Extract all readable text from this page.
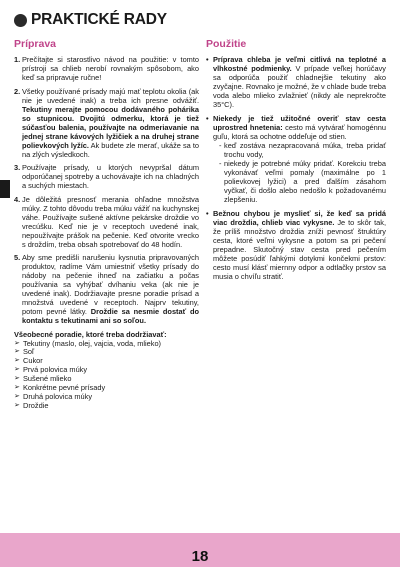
PRAKTICKÉ RADY
Príprava
1. Prečítajte si starostlivo návod na použitie: v tomto prístroji sa chlieb nerobí rovnakým spôsobom, ako keď sa pripravuje ručne!
2. Všetky používané prísady majú mať teplotu okolia (ak nie je uvedené inak) a treba ich presne odvážiť. Tekutiny merajte pomocou dodávaného pohárika so stupnicou. Dvojitú odmerku, ktorá je tiež súčasťou balenia, používajte na odmeriavanie na jednej strane kávových lyžičiek a na druhej strane polievkových lyžíc. Ak budete zle merať, ukáže sa to na zlých výsledkoch.
3. Používajte prísady, u ktorých nevypršal dátum odporúčanej spotreby a uchovávajte ich na chladných a suchých miestach.
4. Je dôležitá presnosť merania ohľadne množstva múky. Z tohto dôvodu treba múku vážiť na kuchynskej váhe. Používajte sušené aktívne pekárske droždie vo vrecúšku. Keď nie je v receptoch uvedené inak, nepoužívajte prášok na pečenie. Keď otvorite vrecko s droždím, treba obsah spotrebovať do 48 hodín.
5. Aby sme predišli narušeniu kysnutia pripravovaných produktov, radíme Vám umiestniť všetky prísady do nádoby na pečenie ihneď na začiatku a počas používania sa vyhýbať dvíhaniu veka (ak nie je uvedené inak). Dodržiavajte presne poradie prísad a množstvá uvedené v receptoch. Najprv tekutiny, potom pevné látky. Droždie sa nesmie dostať do kontaktu s tekutinami ani so soľou.
Všeobecné poradie, ktoré treba dodržiavať:
➢ Tekutiny (maslo, olej, vajcia, voda, mlieko)
➢ Soľ
➢ Cukor
➢ Prvá polovica múky
➢ Sušené mlieko
➢ Konkrétne pevné prísady
➢ Druhá polovica múky
➢ Droždie
Použitie
• Príprava chleba je veľmi citlivá na teplotné a vlhkostné podmienky. V prípade veľkej horúčavy sa odporúča použiť chladnejšie tekutiny ako zvyčajne. Rovnako je možné, že v chlade bude treba voda alebo mlieko zvlažnieť (nikdy ale neprekročte 35°C).
• Niekedy je tiež užitočné overiť stav cesta uprostred hnetenia: cesto má vytvárať homogénnu guľu, ktorá sa ochotne oddeľuje od stien.
- keď zostáva nezapracovaná múka, treba pridať trochu vody,
- niekedy je potrebné múky pridať. Korekciu treba vykonávať veľmi pomaly (maximálne po 1 polievkovej lyžici) a pred ďalším zásahom vyčkať, či došlo alebo nedošlo k požadovanému zlepšeniu.
• Bežnou chybou je myslieť si, že keď sa pridá viac droždia, chlieb viac vykysne. Je to skôr tak, že príliš množstvo droždia zníži pevnosť štruktúry cesta, ktoré veľmi vykysne a potom sa pri pečení prepadne. Skutočný stav cesta pred pečením môžete posúdiť ľahkými dotykmi končekmi prstov: cesto musí klásť miernny odpor a odtlačky prstov sa musia o chvíľu stratiť.
18
